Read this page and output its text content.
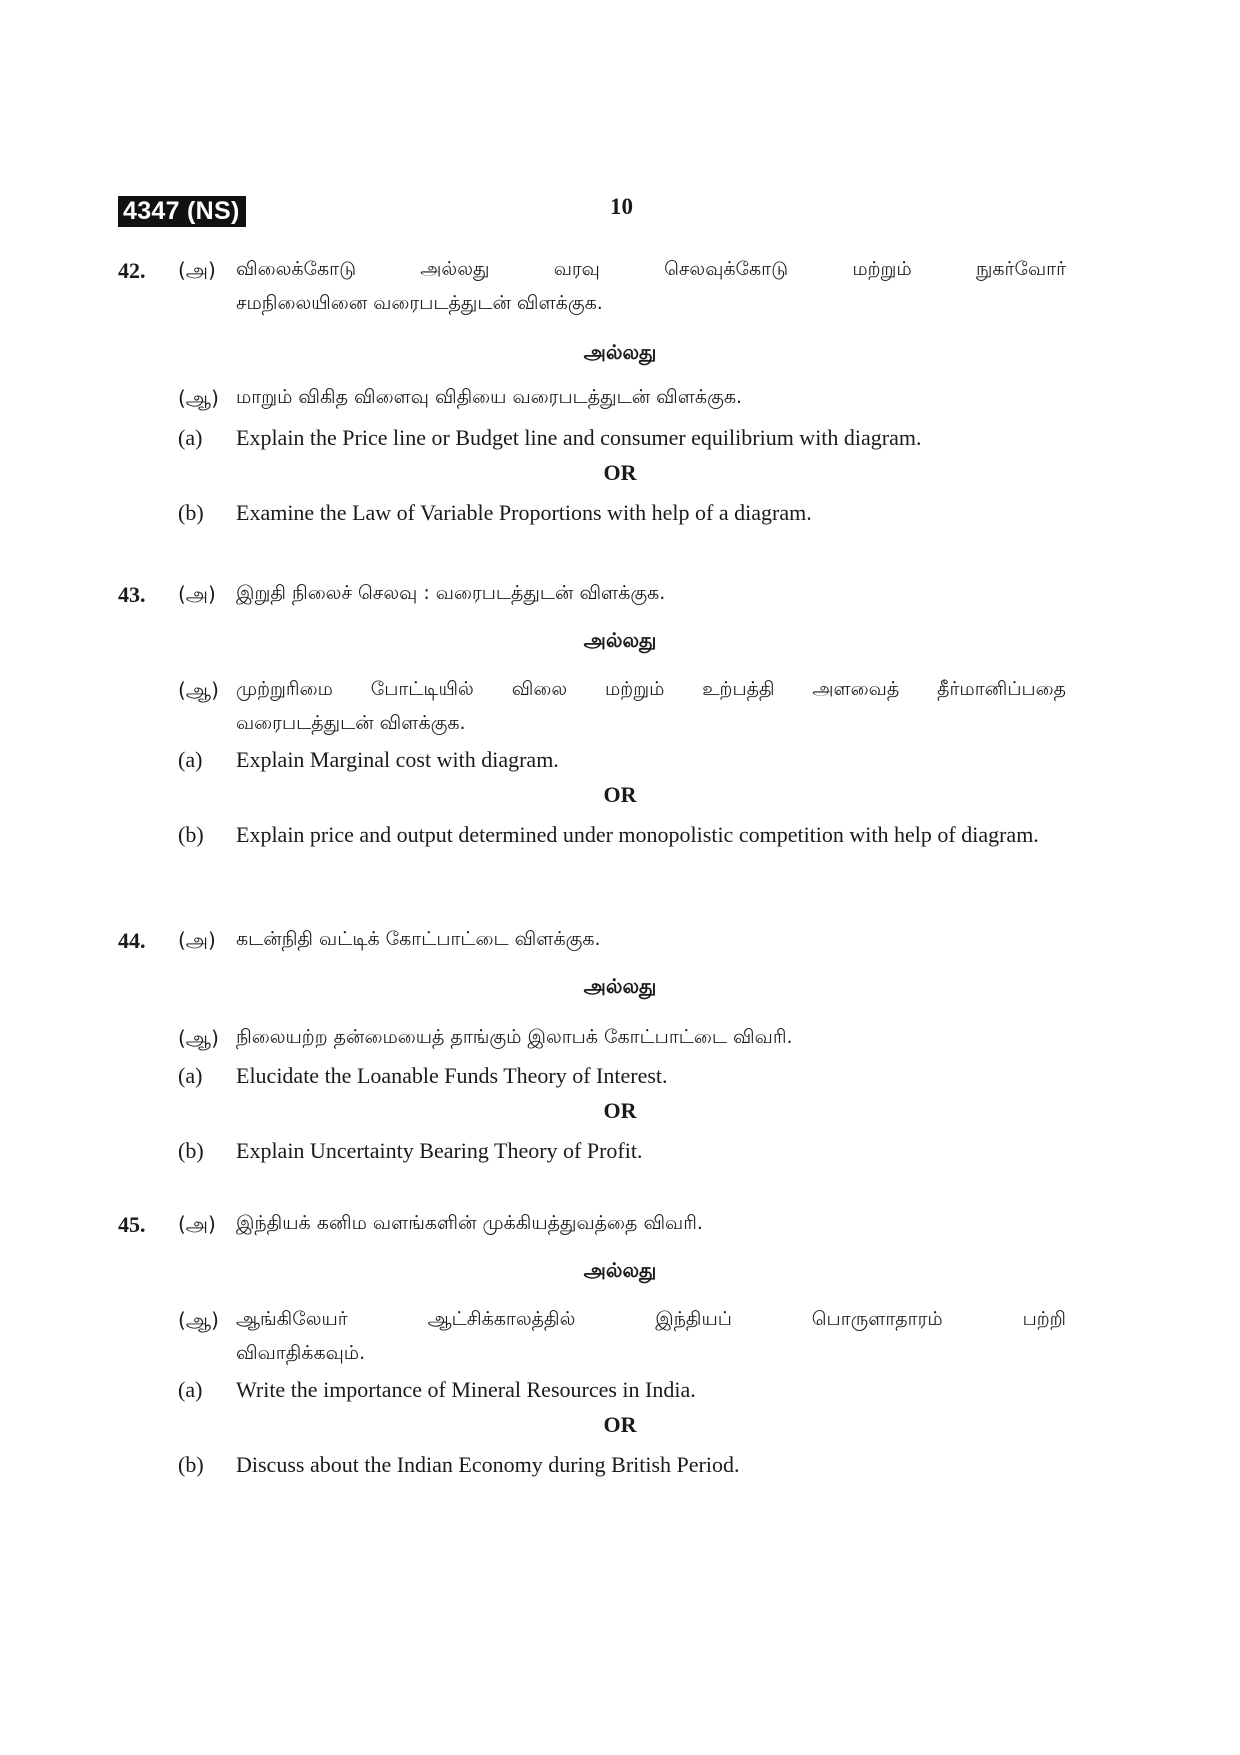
4347 (NS)	10
42. (அ) விலைக்கோடு அல்லது வரவு செலவுக்கோடு மற்றும் நுகர்வோர்
சமநிலையினை வரைபடத்துடன் விளக்குக.
அல்லது
(ஆ) மாறும் விகித விளைவு விதியை வரைபடத்துடன் விளக்குக.
(a) Explain the Price line or Budget line and consumer equilibrium with diagram.
OR
(b) Examine the Law of Variable Proportions with help of a diagram.
43. (அ) இறுதி நிலைச் செலவு : வரைபடத்துடன் விளக்குக.
அல்லது
(ஆ) முற்றுரிமை போட்டியில் விலை மற்றும் உற்பத்தி அளவைத் தீர்மானிப்பதை
வரைபடத்துடன் விளக்குக.
(a) Explain Marginal cost with diagram.
OR
(b) Explain price and output determined under monopolistic competition with help of diagram.
44. (அ) கடன்நிதி வட்டிக் கோட்பாட்டை விளக்குக.
அல்லது
(ஆ) நிலையற்ற தன்மையைத் தாங்கும் இலாபக் கோட்பாட்டை விவரி.
(a) Elucidate the Loanable Funds Theory of Interest.
OR
(b) Explain Uncertainty Bearing Theory of Profit.
45. (அ) இந்தியக் கனிம வளங்களின் முக்கியத்துவத்தை விவரி.
அல்லது
(ஆ) ஆங்கிலேயர் ஆட்சிக்காலத்தில் இந்தியப் பொருளாதாரம் பற்றி
விவாதிக்கவும்.
(a) Write the importance of Mineral Resources in India.
OR
(b) Discuss about the Indian Economy during British Period.
